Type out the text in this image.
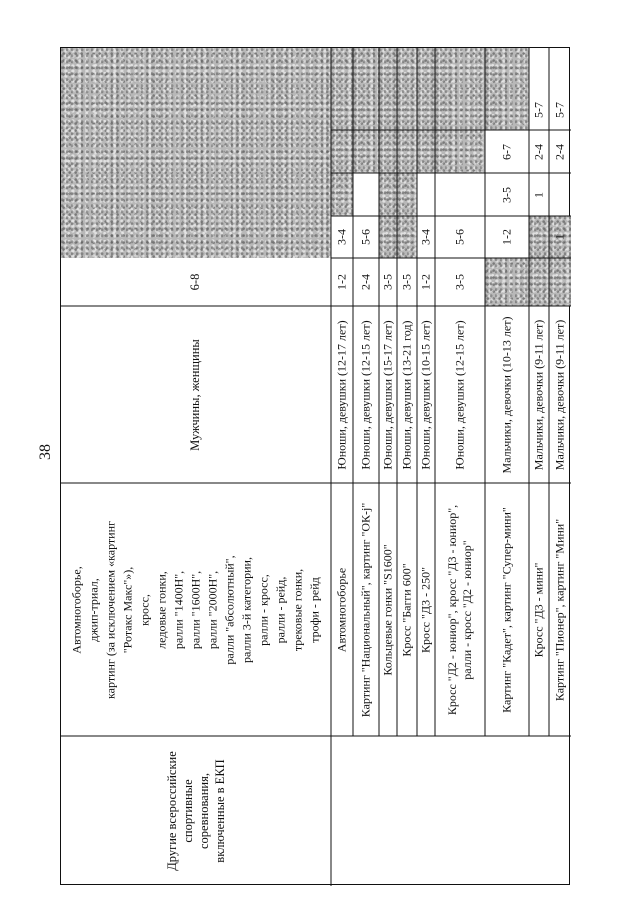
38
Автомногоборье,
джип-триал,
картинг (за исключением «картинг
"Ротакс Макс"»),
кросс,
ледовые гонки,
ралли "1400Н",
ралли "1600Н",
ралли "2000Н",
ралли "абсолютный",
ралли 3-й категории,
ралли - кросс,
ралли - рейд,
трековые гонки,
трофи - рейд
Мужчины, женщины
6-8
Другие всероссийские спортивные соревнования, включенные в ЕКП
Автомногоборье
Юноши, девушки (12-17 лет)
1-2
3-4
Картинг "Национальный", картинг "ОК-j"
Юноши, девушки (12-15 лет)
2-4
5-6
Кольцевые гонки "S1600"
Юноши, девушки (15-17 лет)
3-5
Кросс "Багги 600"
Юноши, девушки (13-21 год)
3-5
Кросс "Д3 - 250"
Юноши, девушки (10-15 лет)
1-2
3-4
Кросс "Д2 - юниор", кросс "Д3 - юниор", ралли - кросс "Д2 - юниор"
Юноши, девушки (12-15 лет)
3-5
5-6
Картинг "Кадет", картинг "Супер-мини"
Мальчики, девочки (10-13 лет)
1-2
Кросс "Д3 - мини"
Мальчики, девочки (9-11 лет)
Картинг "Пионер", картинг "Мини"
Мальчики, девочки (9-11 лет)
1
3-5
6-7
1
2-4
5-7
2-4
5-7
